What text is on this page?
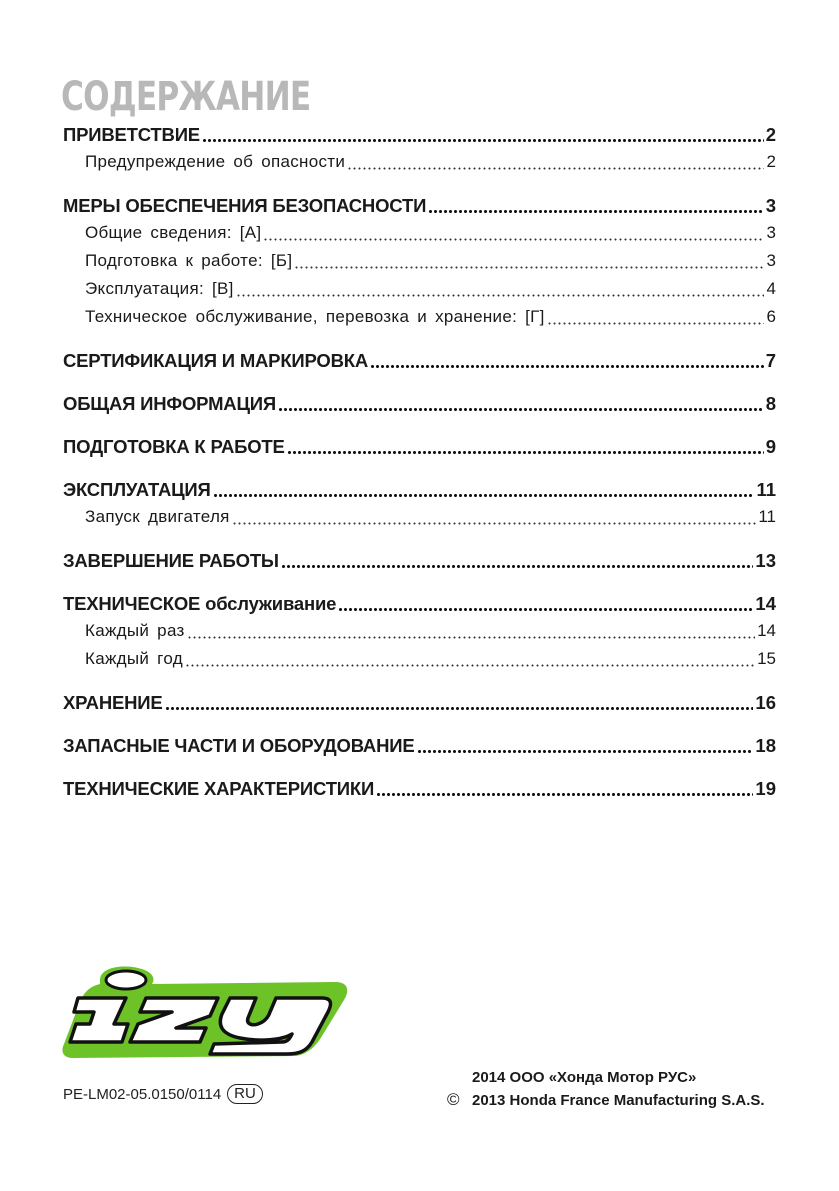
СОДЕРЖАНИЕ
ПРИВЕТСТВИЕ	2
Предупреждение об опасности	2
МЕРЫ ОБЕСПЕЧЕНИЯ БЕЗОПАСНОСТИ	3
Общие сведения: [А]	3
Подготовка к работе: [Б]	3
Эксплуатация: [В]	4
Техническое обслуживание, перевозка и хранение: [Г]	6
СЕРТИФИКАЦИЯ И МАРКИРОВКА	7
ОБЩАЯ ИНФОРМАЦИЯ	8
ПОДГОТОВКА К РАБОТЕ	9
ЭКСПЛУАТАЦИЯ	11
Запуск двигателя	11
ЗАВЕРШЕНИЕ РАБОТЫ	13
ТЕХНИЧЕСКОЕ обслуживание	14
Каждый раз	14
Каждый год	15
ХРАНЕНИЕ	16
ЗАПАСНЫЕ ЧАСТИ И ОБОРУДОВАНИЕ	18
ТЕХНИЧЕСКИЕ ХАРАКТЕРИСТИКИ	19
PE-LM02-05.0150/0114 RU
2014 ООО «Хонда Мотор РУС»
© 2013 Honda France Manufacturing S.A.S.
